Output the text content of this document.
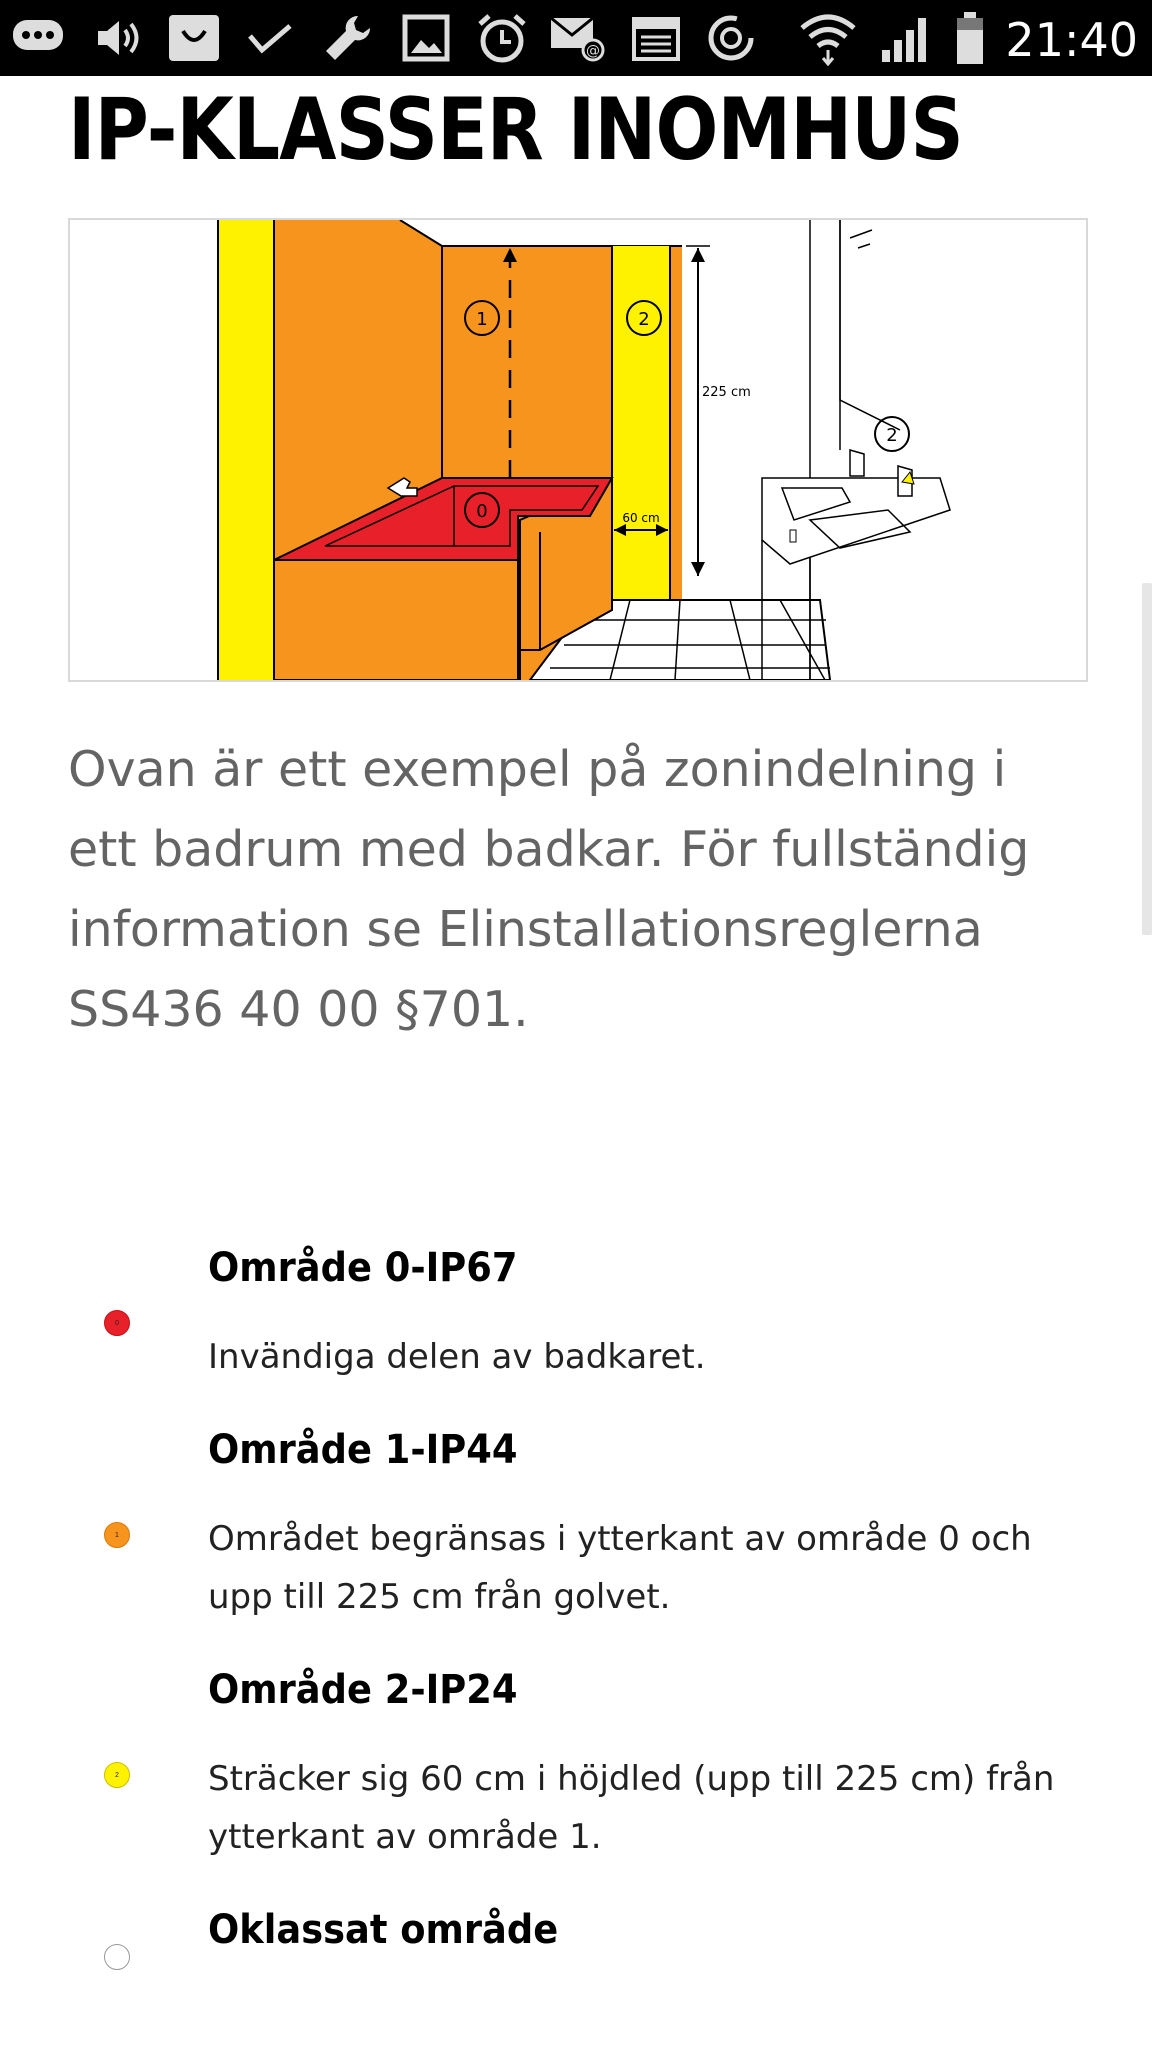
@	21:40
IP-KLASSER INOMHUS
1	2
0
225 cm
60 cm
2

Ovan är ett exempel på zonindelning i ett badrum med badkar. För fullständig information se Elinstallationsreglerna SS436 40 00 §701.

Område 0-IP67
0

Invändiga delen av badkaret.

Område 1-IP44
1	Området begränsas i ytterkant av område 0 och upp till 225 cm från golvet.

Område 2-IP24
2	Sträcker sig 60 cm i höjdled (upp till 225 cm) från ytterkant av område 1.

Oklassat område
